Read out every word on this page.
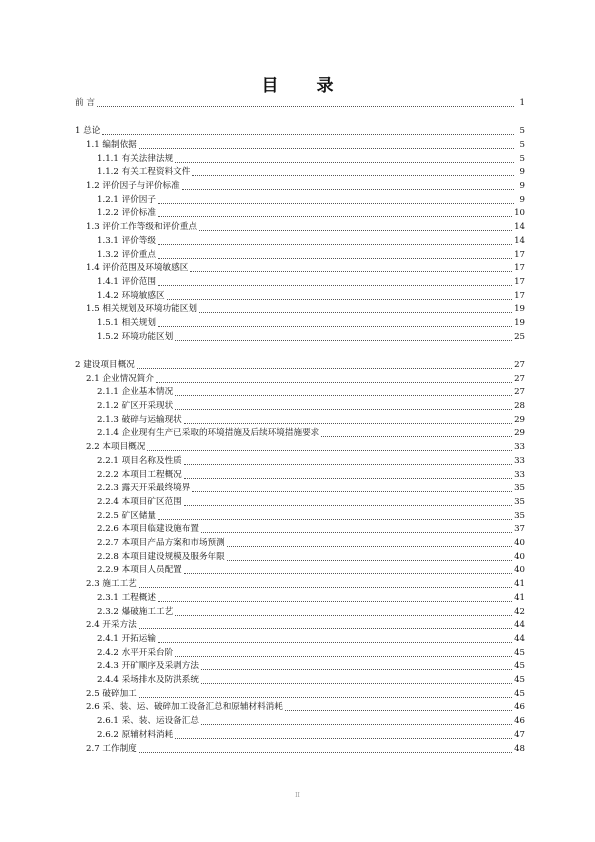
目 录
前 言	1
1 总论	5
1.1 编制依据	5
1.1.1 有关法律法规	5
1.1.2 有关工程资料文件	9
1.2 评价因子与评价标准	9
1.2.1 评价因子	9
1.2.2 评价标准	10
1.3 评价工作等级和评价重点	14
1.3.1 评价等级	14
1.3.2 评价重点	17
1.4 评价范围及环境敏感区	17
1.4.1 评价范围	17
1.4.2 环境敏感区	17
1.5 相关规划及环境功能区划	19
1.5.1 相关规划	19
1.5.2 环境功能区划	25
2 建设项目概况	27
2.1 企业情况简介	27
2.1.1 企业基本情况	27
2.1.2 矿区开采现状	28
2.1.3 破碎与运输现状	29
2.1.4 企业现有生产已采取的环境措施及后续环境措施要求	29
2.2 本项目概况	33
2.2.1 项目名称及性质	33
2.2.2 本项目工程概况	33
2.2.3 露天开采最终境界	35
2.2.4 本项目矿区范围	35
2.2.5 矿区储量	35
2.2.6 本项目临建设施布置	37
2.2.7 本项目产品方案和市场预测	40
2.2.8 本项目建设规模及服务年限	40
2.2.9 本项目人员配置	40
2.3 施工工艺	41
2.3.1 工程概述	41
2.3.2 爆破施工工艺	42
2.4 开采方法	44
2.4.1 开拓运输	44
2.4.2 水平开采台阶	45
2.4.3 开矿顺序及采剥方法	45
2.4.4 采场排水及防洪系统	45
2.5 破碎加工	45
2.6 采、装、运、破碎加工设备汇总和原辅材料消耗	46
2.6.1 采、装、运设备汇总	46
2.6.2 原辅材料消耗	47
2.7 工作制度	48
II
